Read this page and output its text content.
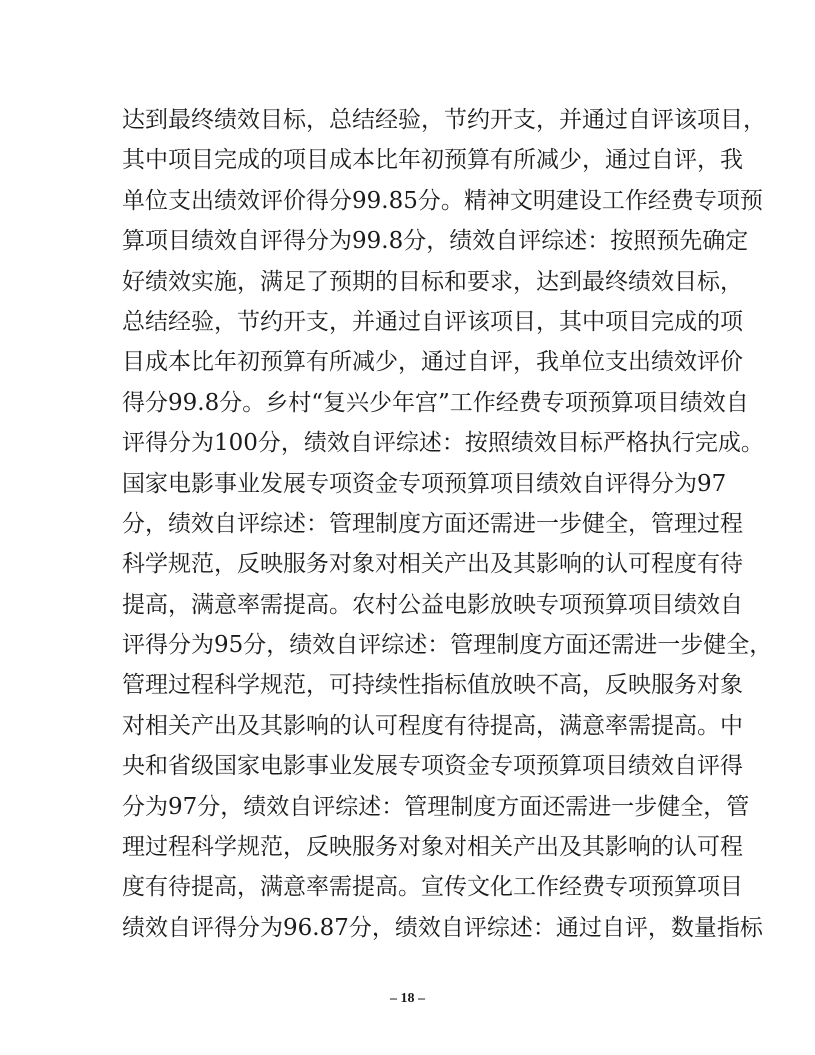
达到最终绩效目标，总结经验，节约开支，并通过自评该项目，
其中项目完成的项目成本比年初预算有所减少，通过自评，我
单位支出绩效评价得分99.85分。精神文明建设工作经费专项预
算项目绩效自评得分为99.8分，绩效自评综述：按照预先确定
好绩效实施，满足了预期的目标和要求，达到最终绩效目标，
总结经验，节约开支，并通过自评该项目，其中项目完成的项
目成本比年初预算有所减少，通过自评，我单位支出绩效评价
得分99.8分。乡村“复兴少年宫”工作经费专项预算项目绩效自
评得分为100分，绩效自评综述：按照绩效目标严格执行完成。
国家电影事业发展专项资金专项预算项目绩效自评得分为97
分，绩效自评综述：管理制度方面还需进一步健全，管理过程
科学规范，反映服务对象对相关产出及其影响的认可程度有待
提高，满意率需提高。农村公益电影放映专项预算项目绩效自
评得分为95分，绩效自评综述：管理制度方面还需进一步健全，
管理过程科学规范，可持续性指标值放映不高，反映服务对象
对相关产出及其影响的认可程度有待提高，满意率需提高。中
央和省级国家电影事业发展专项资金专项预算项目绩效自评得
分为97分，绩效自评综述：管理制度方面还需进一步健全，管
理过程科学规范，反映服务对象对相关产出及其影响的认可程
度有待提高，满意率需提高。宣传文化工作经费专项预算项目
绩效自评得分为96.87分，绩效自评综述：通过自评，数量指标
– 18 –
